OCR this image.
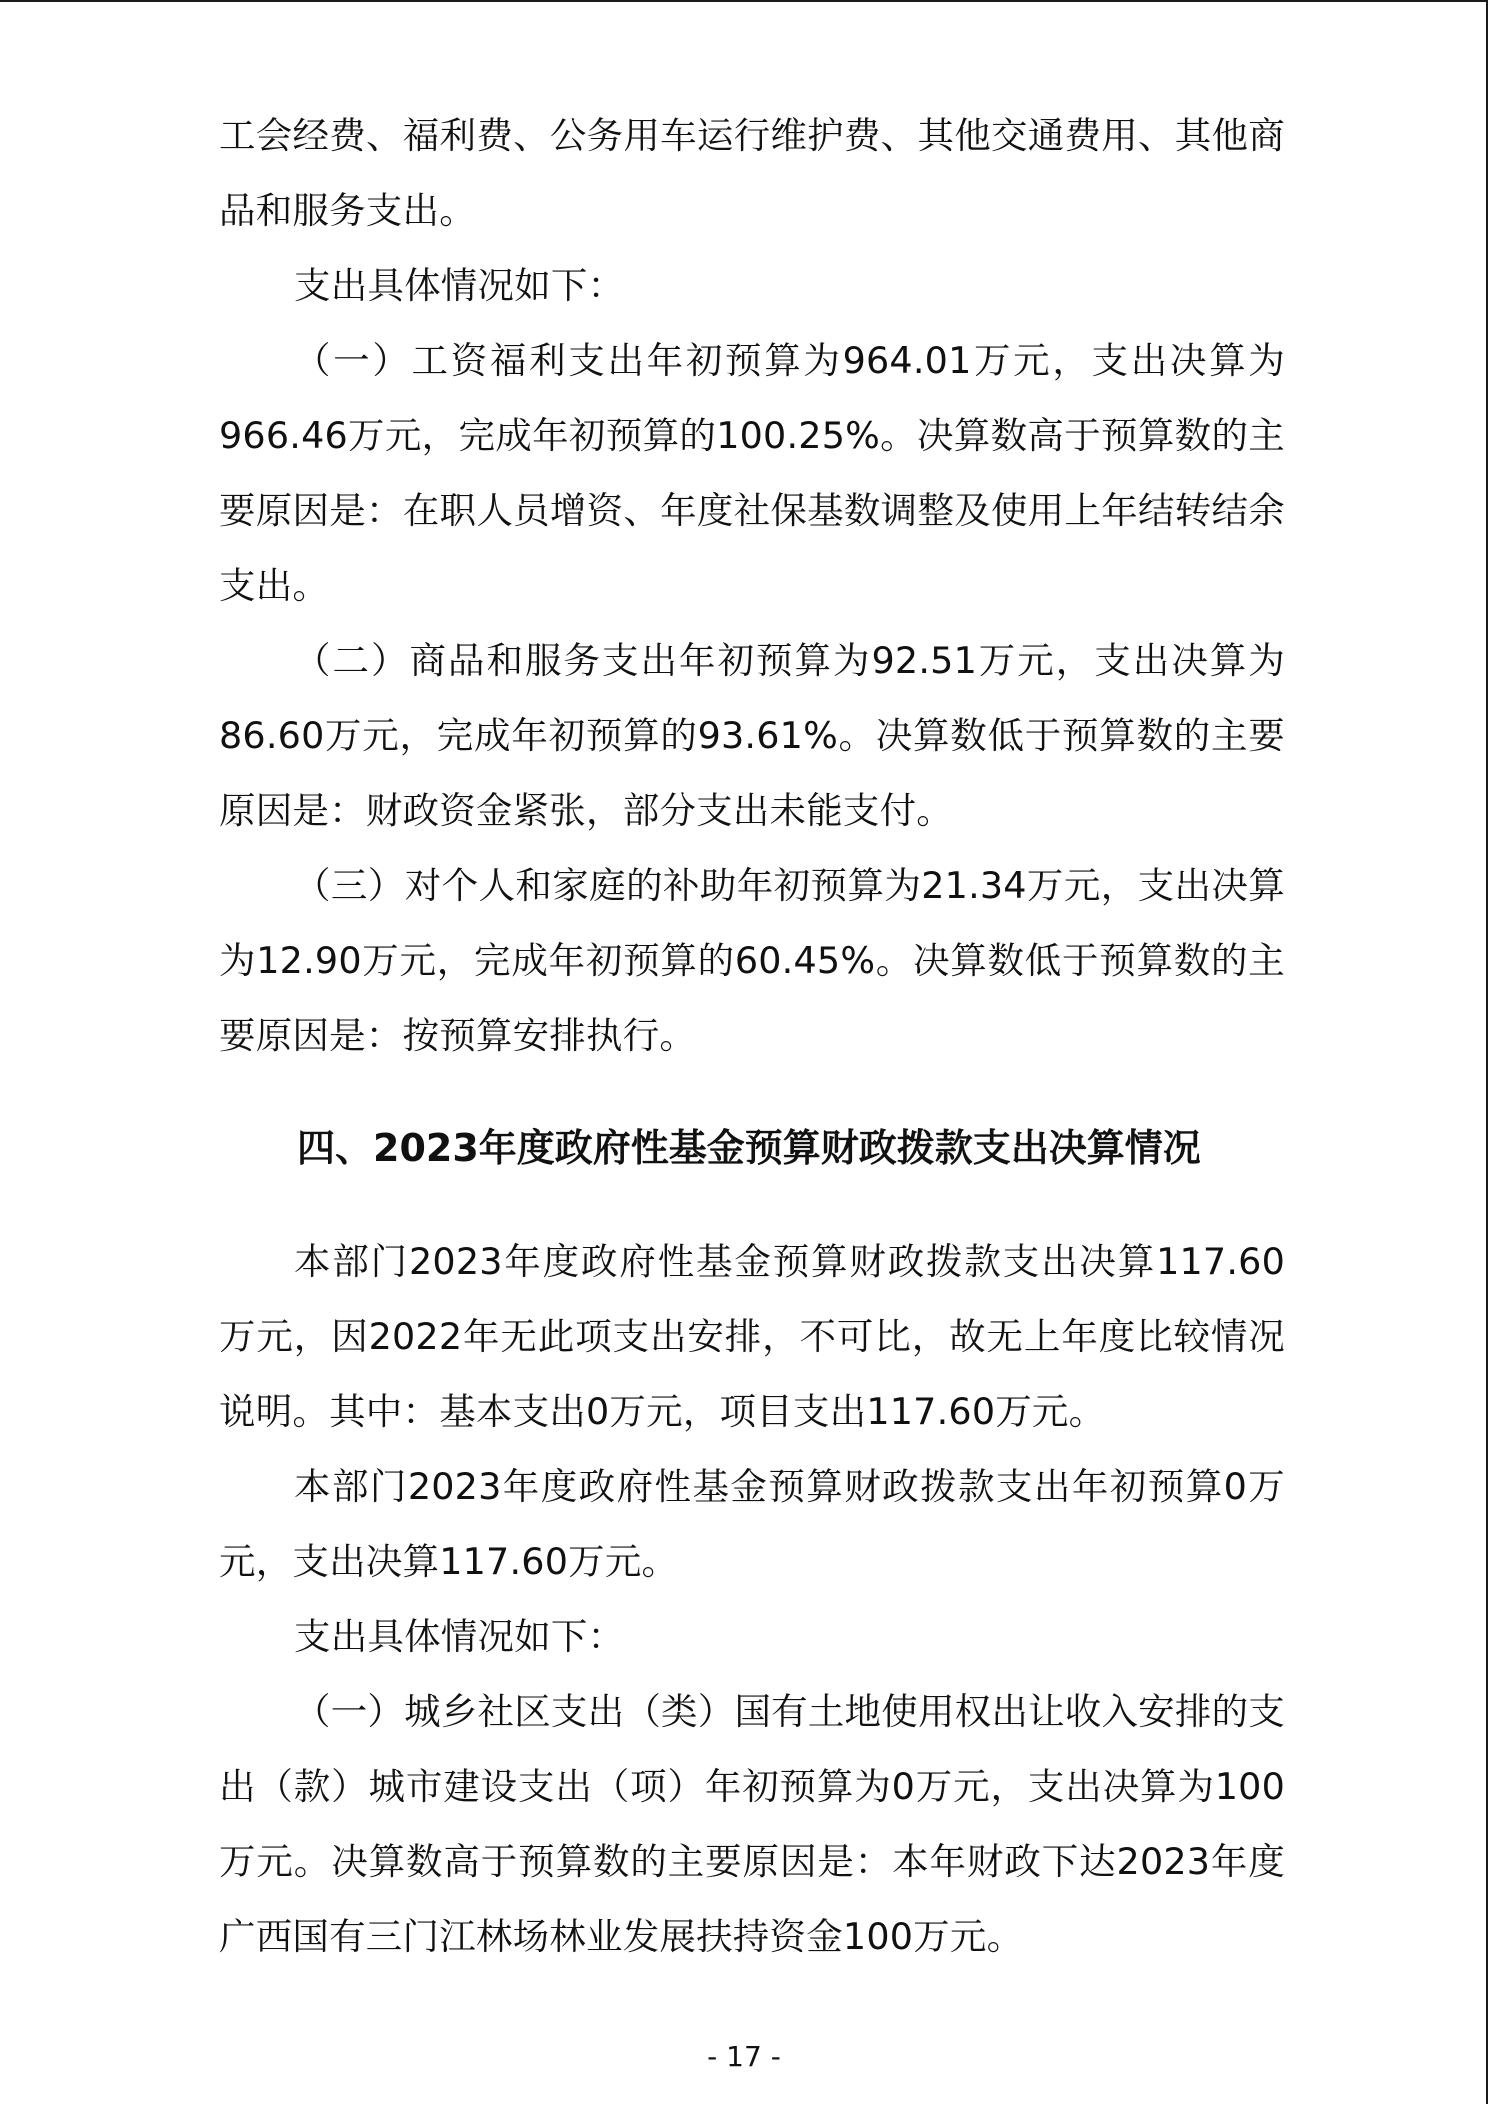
工会经费、福利费、公务用车运行维护费、其他交通费用、其他商品和服务支出。

支出具体情况如下：

（一）工资福利支出年初预算为964.01万元，支出决算为966.46万元，完成年初预算的100.25%。决算数高于预算数的主要原因是：在职人员增资、年度社保基数调整及使用上年结转结余支出。

（二）商品和服务支出年初预算为92.51万元，支出决算为86.60万元，完成年初预算的93.61%。决算数低于预算数的主要原因是：财政资金紧张，部分支出未能支付。

（三）对个人和家庭的补助年初预算为21.34万元，支出决算为12.90万元，完成年初预算的60.45%。决算数低于预算数的主要原因是：按预算安排执行。

四、2023年度政府性基金预算财政拨款支出决算情况

本部门2023年度政府性基金预算财政拨款支出决算117.60万元，因2022年无此项支出安排，不可比，故无上年度比较情况说明。其中：基本支出0万元，项目支出117.60万元。

本部门2023年度政府性基金预算财政拨款支出年初预算0万元，支出决算117.60万元。

支出具体情况如下：

（一）城乡社区支出（类）国有土地使用权出让收入安排的支出（款）城市建设支出（项）年初预算为0万元，支出决算为100万元。决算数高于预算数的主要原因是：本年财政下达2023年度广西国有三门江林场林业发展扶持资金100万元。

- 17 -
